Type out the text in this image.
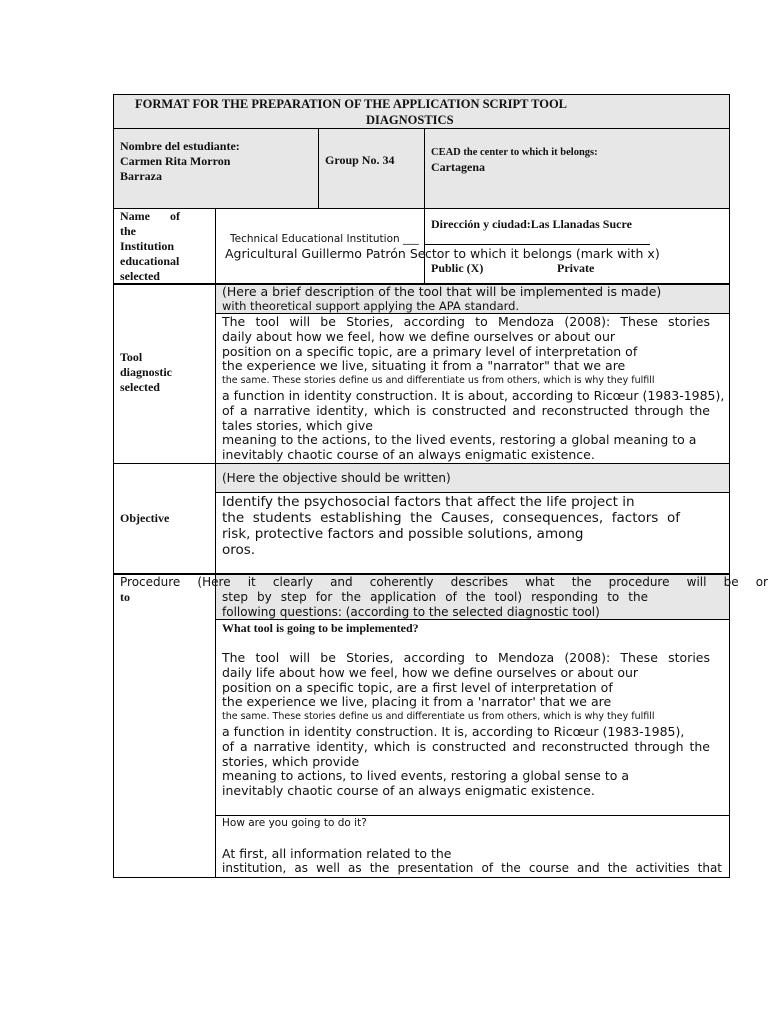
FORMAT FOR THE PREPARATION OF THE APPLICATION SCRIPT TOOL

DIAGNOSTICS

Nombre del estudiante:

Carmen Rita Morron

Barraza

Group No. 34

CEAD the center to which it belongs:

Cartagena

Name of

the

Institution

educational

selected

Technical Educational Institution ___
Agricultural Guillermo Patrón Se ctor to which it belongs (mark with x)
Dirección y ciudad:Las Llanadas Sucre
Public (X)	Private

Tool

diagnostic

selected

(Here a brief description of the tool that will be implemented is made)

with theoretical support applying the APA standard.

The tool will be Stories, according to Mendoza (2008): These stories

daily about how we feel, how we define ourselves or about our

position on a specific topic, are a primary level of interpretation of

the experience we live, situating it from a "narrator" that we are

the same. These stories define us and differentiate us from others, which is why they fulfill

a function in identity construction. It is about, according to Ricœur (1983-1985),

of a narrative identity, which is constructed and reconstructed through the

tales stories, which give

meaning to the actions, to the lived events, restoring a global meaning to a

inevitably chaotic course of an always enigmatic existence.

Objective
(Here the objective should be written)

Identify the psychosocial factors that affect the life project in

the students establishing the Causes, consequences, factors of

risk, protective factors and possible solutions, among

oros.

Procedure (Here it clearly and coherently describes what the procedure will be or
to	step by step for the application of the tool) responding to the

following questions: (according to the selected diagnostic tool)

What tool is going to be implemented?

The tool will be Stories, according to Mendoza (2008): These stories

daily life about how we feel, how we define ourselves or about our

position on a specific topic, are a first level of interpretation of

the experience we live, placing it from a 'narrator' that we are

the same. These stories define us and differentiate us from others, which is why they fulfill

a function in identity construction. It is, according to Ricœur (1983-1985),

of a narrative identity, which is constructed and reconstructed through the

stories, which provide

meaning to actions, to lived events, restoring a global sense to a

inevitably chaotic course of an always enigmatic existence.

How are you going to do it?

At first, all information related to the

institution, as well as the presentation of the course and the activities that
